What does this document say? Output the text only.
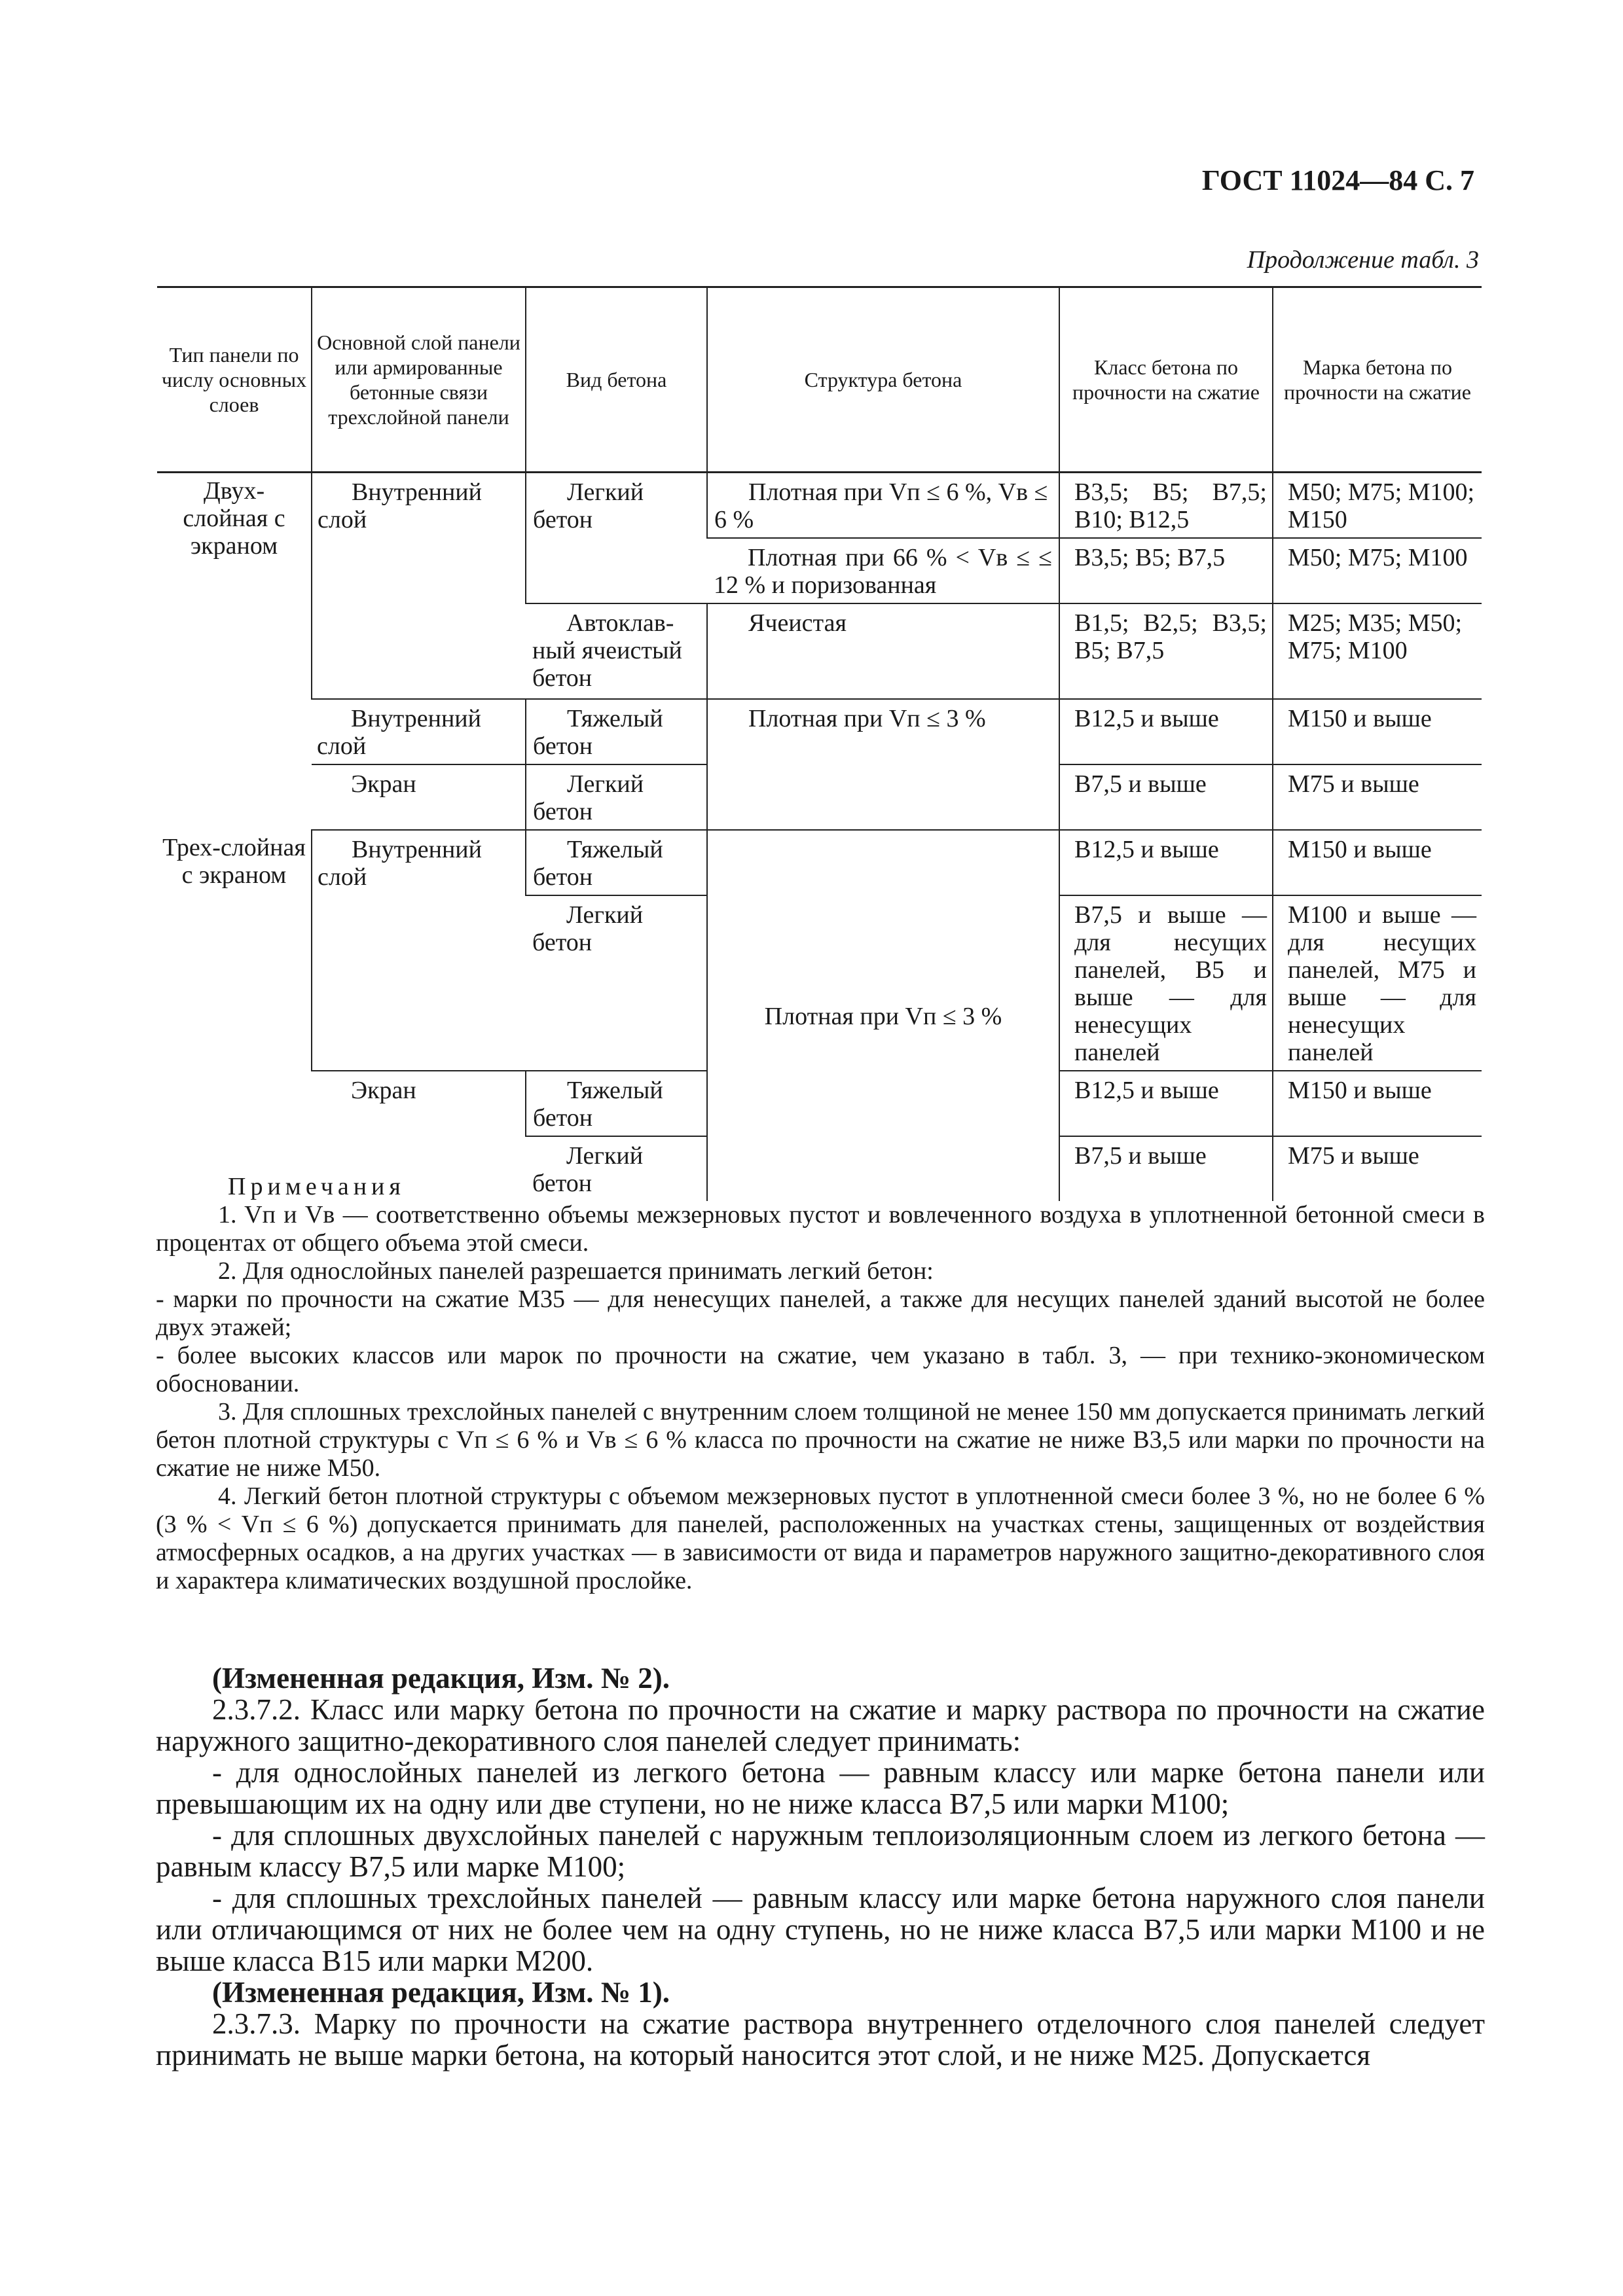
ГОСТ 11024—84 С. 7
Продолжение табл. 3
Тип панели по числу основных слоев	Основной слой панели или армированные бетонные связи трехслойной панели	Вид бетона	Структура бетона	Класс бетона по прочности на сжатие	Марка бетона по прочности на сжатие
Двух-слойная с экраном	Внутренний слой	Легкий бетон	Плотная при Vп ≤ 6 %, Vв ≤ 6 %	В3,5; В5; В7,5; В10; В12,5	М50; М75; М100; М150
			Плотная при 66 % < Vв ≤ ≤ 12 % и поризованная	В3,5; В5; В7,5	М50; М75; М100
		Автоклав-ный ячеистый бетон	Ячеистая	В1,5; В2,5; В3,5; В5; В7,5	М25; М35; М50; М75; М100
	Внутренний слой	Тяжелый бетон	Плотная при Vп ≤ 3 %	В12,5 и выше	М150 и выше
	Экран	Легкий бетон		В7,5 и выше	М75 и выше
Трех-слойная с экраном	Внутренний слой	Тяжелый бетон	Плотная при Vп ≤ 3 %	В12,5 и выше	М150 и выше
		Легкий бетон		В7,5 и выше — для несущих панелей, В5 и выше — для ненесущих панелей	М100 и выше — для несущих панелей, М75 и выше — для ненесущих панелей
	Экран	Тяжелый бетон		В12,5 и выше	М150 и выше
		Легкий бетон		В7,5 и выше	М75 и выше

Примечания

1. Vп и Vв — соответственно объемы межзерновых пустот и вовлеченного воздуха в уплотненной бетонной смеси в процентах от общего объема этой смеси.

2. Для однослойных панелей разрешается принимать легкий бетон:

- марки по прочности на сжатие М35 — для ненесущих панелей, а также для несущих панелей зданий высотой не более двух этажей;

- более высоких классов или марок по прочности на сжатие, чем указано в табл. 3, — при технико-экономическом обосновании.

3. Для сплошных трехслойных панелей с внутренним слоем толщиной не менее 150 мм допускается принимать легкий бетон плотной структуры с Vп ≤ 6 % и Vв ≤ 6 % класса по прочности на сжатие не ниже В3,5 или марки по прочности на сжатие не ниже М50.

4. Легкий бетон плотной структуры с объемом межзерновых пустот в уплотненной смеси более 3 %, но не более 6 % (3 % < Vп ≤ 6 %) допускается принимать для панелей, расположенных на участках стены, защищенных от воздействия атмосферных осадков, а на других участках — в зависимости от вида и параметров наружного защитно-декоративного слоя и характера климатических воздушной прослойке.

(Измененная редакция, Изм. № 2).

2.3.7.2. Класс или марку бетона по прочности на сжатие и марку раствора по прочности на сжатие наружного защитно-декоративного слоя панелей следует принимать:

- для однослойных панелей из легкого бетона — равным классу или марке бетона панели или превышающим их на одну или две ступени, но не ниже класса В7,5 или марки М100;

- для сплошных двухслойных панелей с наружным теплоизоляционным слоем из легкого бетона — равным классу В7,5 или марке М100;

- для сплошных трехслойных панелей — равным классу или марке бетона наружного слоя панели или отличающимся от них не более чем на одну ступень, но не ниже класса В7,5 или марки М100 и не выше класса В15 или марки М200.

(Измененная редакция, Изм. № 1).

2.3.7.3. Марку по прочности на сжатие раствора внутреннего отделочного слоя панелей следует принимать не выше марки бетона, на который наносится этот слой, и не ниже М25. Допускается
